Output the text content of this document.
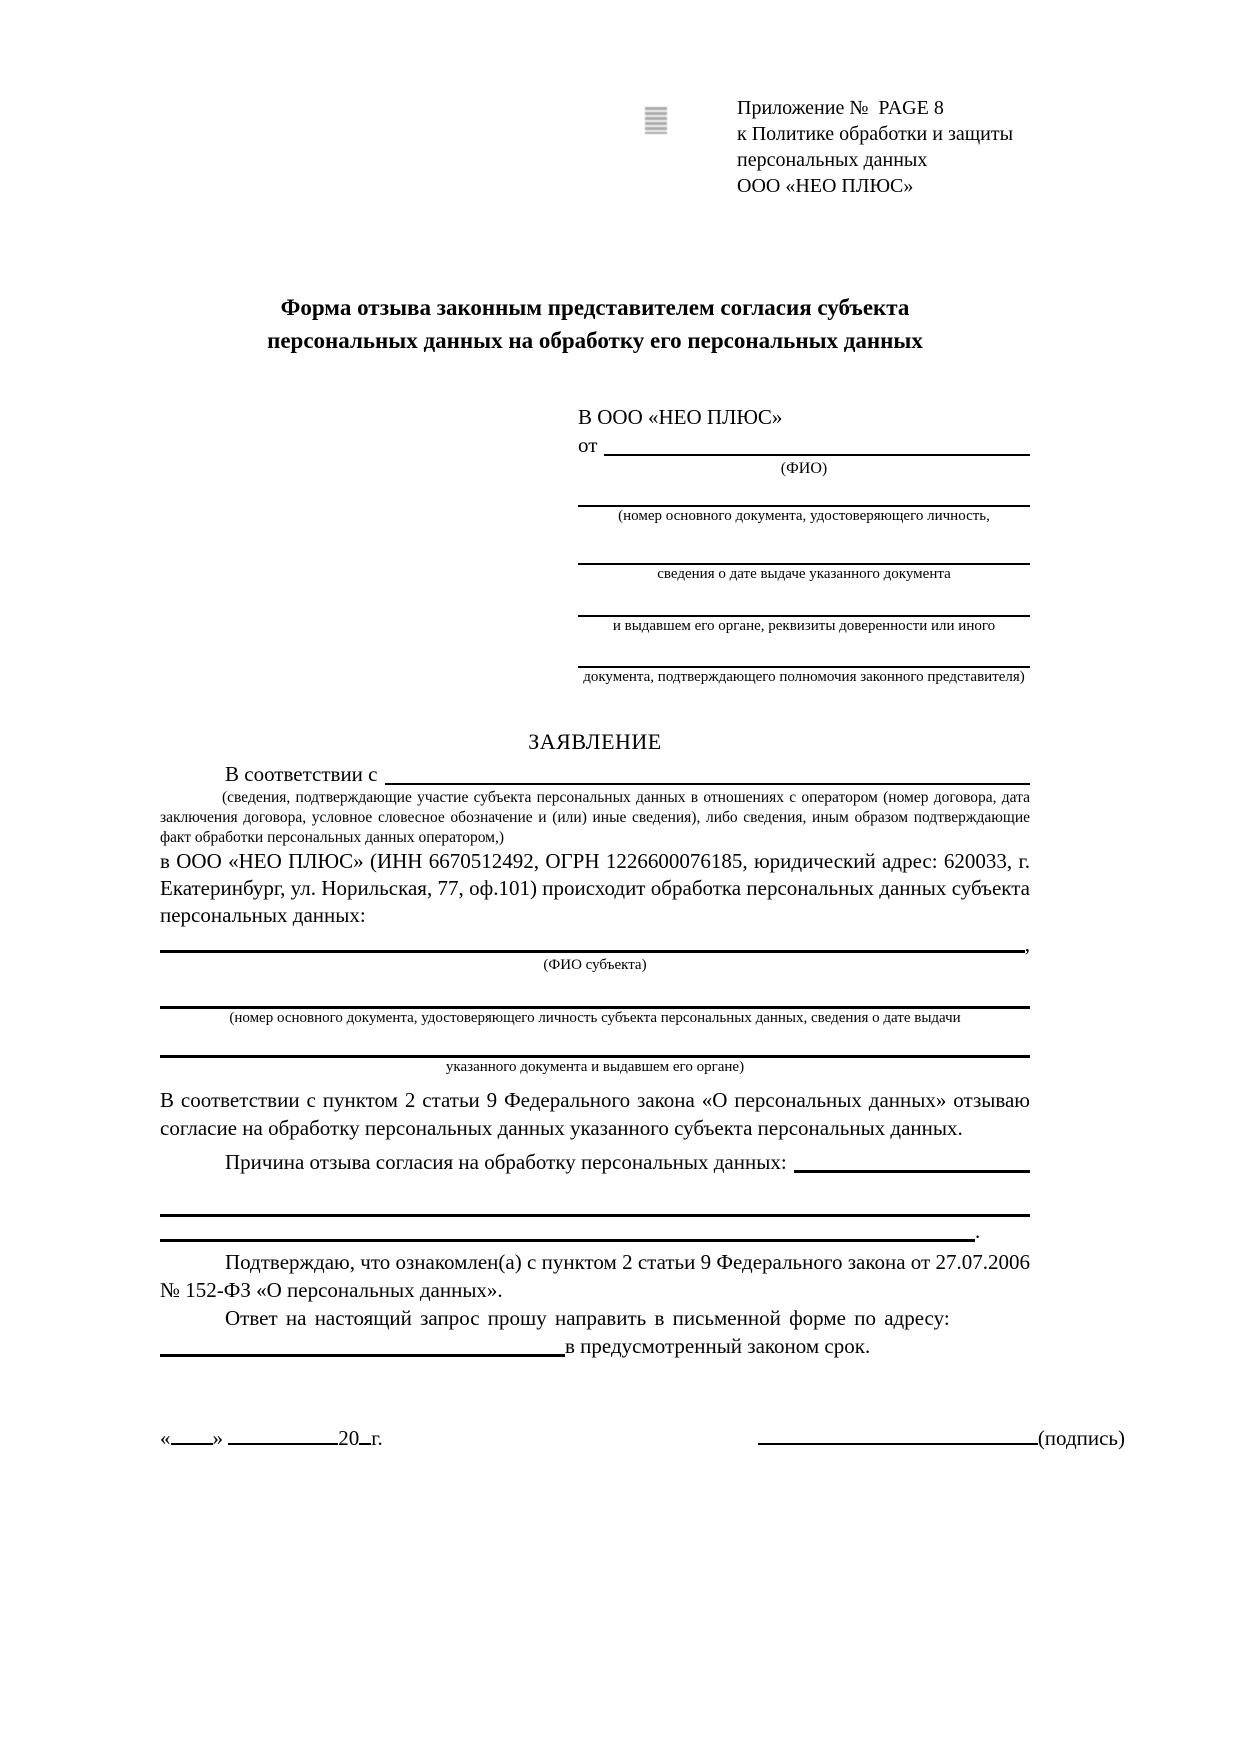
Приложение №  PAGE 8
к Политике обработки и защиты
персональных данных
ООО «НЕО ПЛЮС»
Форма отзыва законным представителем согласия субъекта
персональных данных на обработку его персональных данных
В ООО «НЕО ПЛЮС»
от
(ФИО)
(номер основного документа, удостоверяющего личность,
сведения о дате выдаче указанного документа
и выдавшем его органе, реквизиты доверенности или иного
документа, подтверждающего полномочия законного представителя)
ЗАЯВЛЕНИЕ
В соответствии с
(сведения, подтверждающие участие субъекта персональных данных в отношениях с оператором (номер договора, дата заключения договора, условное словесное обозначение и (или) иные сведения), либо сведения, иным образом подтверждающие факт обработки персональных данных оператором,)
в ООО «НЕО ПЛЮС» (ИНН 6670512492, ОГРН 1226600076185, юридический адрес: 620033, г. Екатеринбург, ул. Норильская, 77, оф.101) происходит обработка персональных данных субъекта персональных данных:
,
(ФИО субъекта)
(номер основного документа, удостоверяющего личность субъекта персональных данных, сведения о дате выдачи
указанного документа и выдавшем его органе)
В соответствии с пунктом 2 статьи 9 Федерального закона «О персональных данных» отзываю согласие на обработку персональных данных указанного субъекта персональных данных.
Причина отзыва согласия на обработку персональных данных:
.
Подтверждаю, что ознакомлен(а) с пунктом 2 статьи 9 Федерального закона от 27.07.2006 № 152-ФЗ «О персональных данных».
Ответ на настоящий запрос прошу направить в письменной форме по адресу:
в предусмотренный законом срок.
« »	20 г.	(подпись)
